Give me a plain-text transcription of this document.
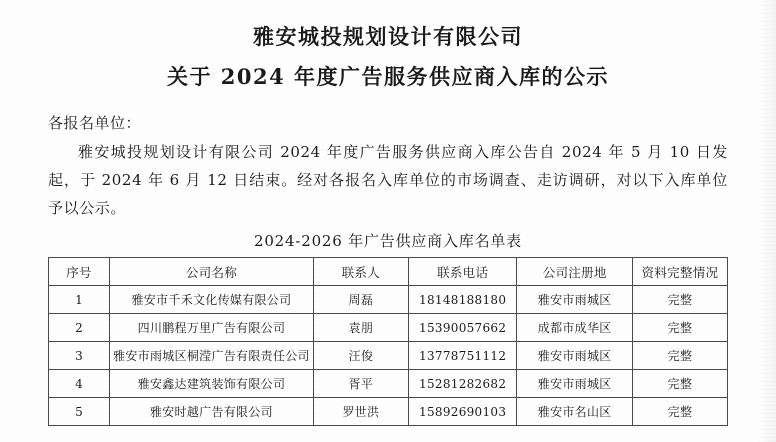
雅安城投规划设计有限公司
关于 2024 年度广告服务供应商入库的公示
各报名单位：
雅安城投规划设计有限公司 2024 年度广告服务供应商入库公告自 2024 年 5 月 10 日发起，于 2024 年 6 月 12 日结束。经对各报名入库单位的市场调查、走访调研，对以下入库单位予以公示。
2024-2026 年广告供应商入库名单表
序号	公司名称	联系人	联系电话	公司注册地	资料完整情况
1	雅安市千禾文化传媒有限公司	周磊	18148188180	雅安市雨城区	完整
2	四川鹏程万里广告有限公司	袁朋	15390057662	成都市成华区	完整
3	雅安市雨城区桐滢广告有限责任公司	汪俊	13778751112	雅安市雨城区	完整
4	雅安鑫达建筑装饰有限公司	胥平	15281282682	雅安市雨城区	完整
5	雅安时越广告有限公司	罗世洪	15892690103	雅安市名山区	完整
